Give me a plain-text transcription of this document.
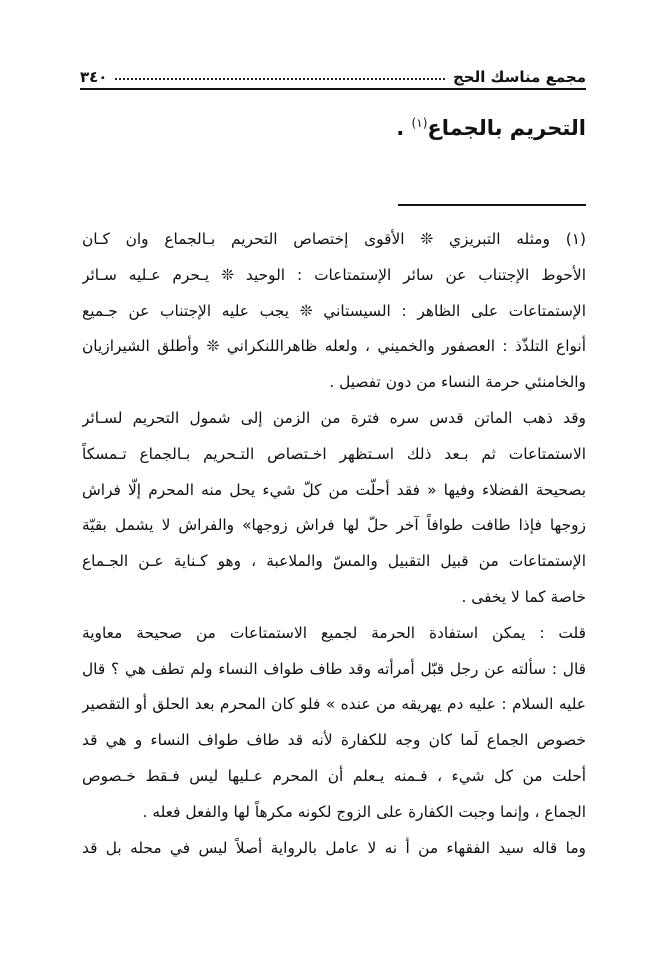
مجمع مناسك الحج
٣٤٠
التحريم بالجماع$^{(١)}$ .
(١) ومثله التبريزي ❊ الأقوى إختصاص التحريم بـالجماع وان كـان
الأحوط الإجتناب عن سائر الإستمتاعات : الوحيد ❊ يـحرم عـليه سـائر
الإستمتاعات على الظاهر : السيستاني ❊ يجب عليه الإجتناب عن جـميع
أنواع التلذّذ : العصفور والخميني ، ولعله ظاهراللنكراني ❊ وأطلق الشيرازيان
والخامنئي حرمة النساء من دون تفصيل .
وقد ذهب الماتن قدس سره فترة من الزمن إلى شمول التحريم لسـائر
الاستمتاعات ثم بـعد ذلك اسـتظهر اخـتصاص التـحريم بـالجماع تـمسكاً
بصحيحة الفضلاء وفيها « فقد أحلّت من كلّ شيء يحل منه المحرم إلّا فراش
زوجها فإذا طافت طوافاً آخر حلّ لها فراش زوجها» والفراش لا يشمل بقيّة
الإستمتاعات من قبيل التقبيل والمسّ والملاعبة ، وهو كـناية عـن الجـماع
خاصة كما لا يخفى .
قلت : يمكن استفادة الحرمة لجميع الاستمتاعات من صحيحة معاوية
قال : سألته عن رجل قبّل أمرأته وقد طاف طواف النساء ولم تطف هي ؟ قال
عليه السلام : عليه دم يهريقه من عنده » فلو كان المحرم بعد الحلق أو التقصير
خصوص الجماع لَما كان وجه للكفارة لأنه قد طاف طواف النساء و هي قد
أحلت من كل شيء ، فـمنه يـعلم أن المحرم عـليها ليس فـقط خـصوص
الجماع ، وإنما وجبت الكفارة على الزوج لكونه مكرهاً لها والفعل فعله .
وما قاله سيد الفقهاء من أ نه لا عامل بالرواية أصلاً ليس في محله بل قد
